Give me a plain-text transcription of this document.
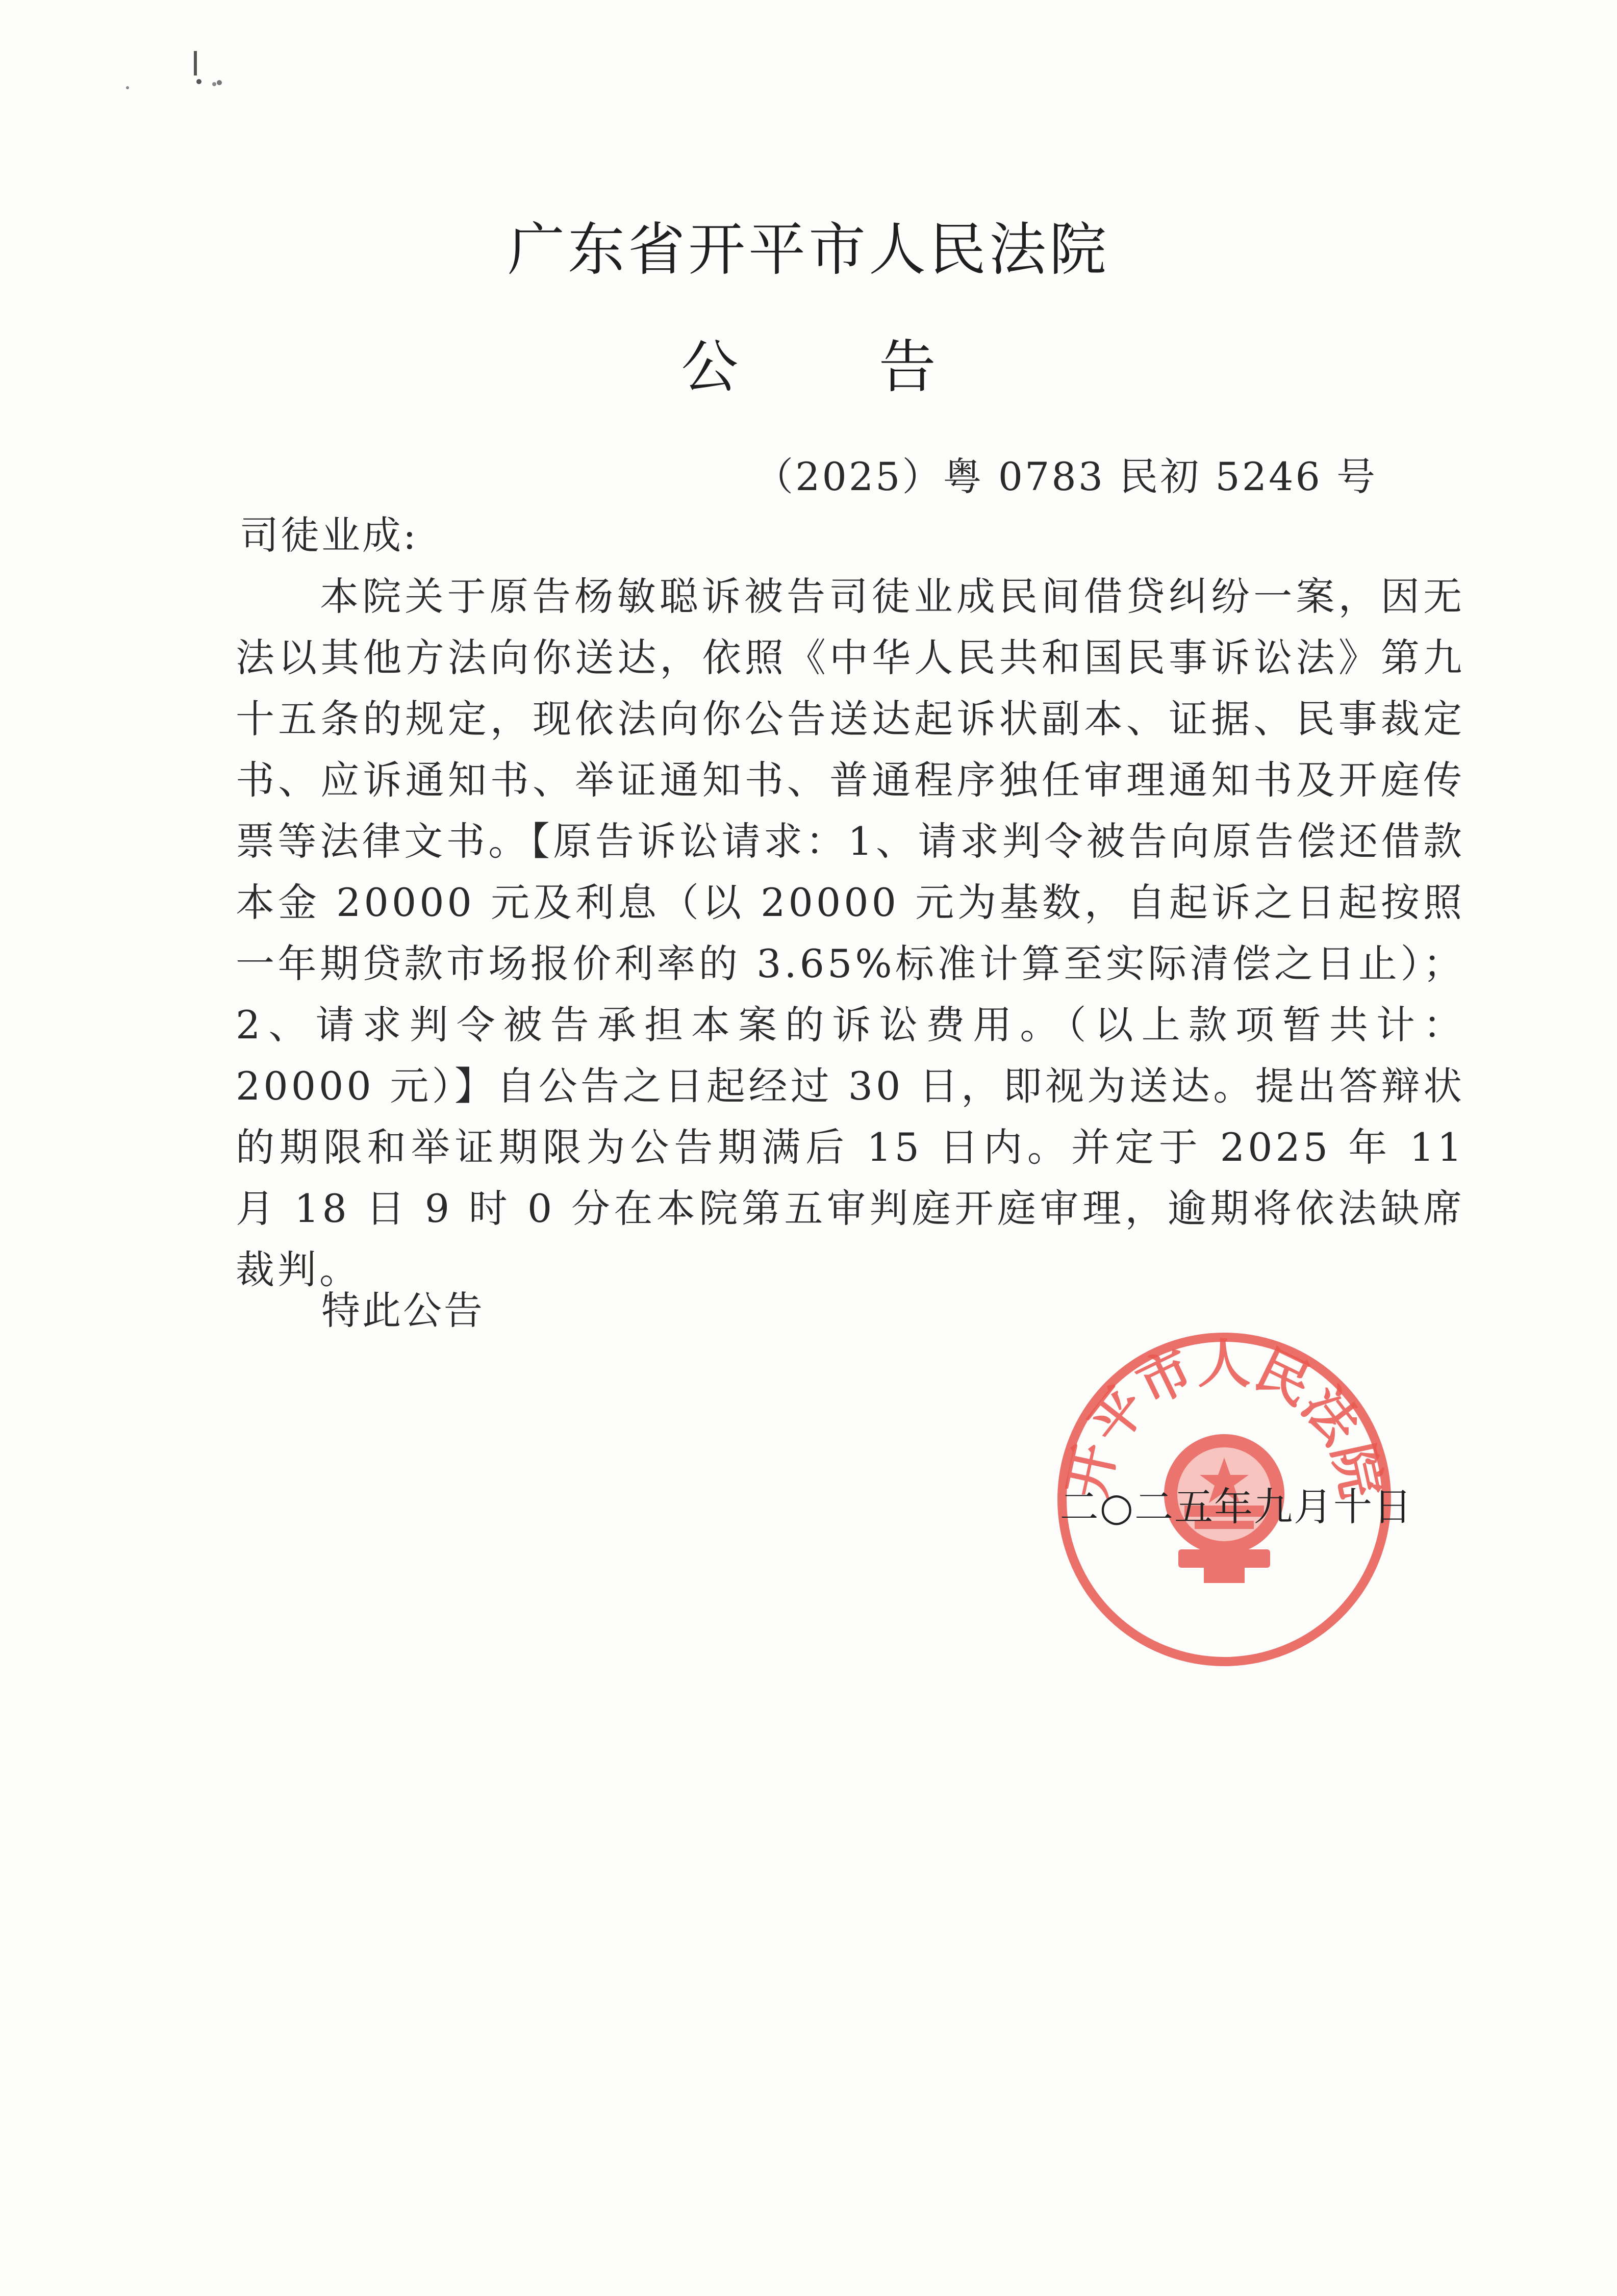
广东省开平市人民法院
公 告
（2025）粤 0783 民初 5246 号
司徒业成:

本院关于原告杨敏聪诉被告司徒业成民间借贷纠纷一案，因无法以其他方法向你送达，依照《中华人民共和国民事诉讼法》第九十五条的规定，现依法向你公告送达起诉状副本、证据、民事裁定书、应诉通知书、举证通知书、普通程序独任审理通知书及开庭传票等法律文书。【原告诉讼请求：1、请求判令被告向原告偿还借款本金 20000 元及利息（以 20000 元为基数，自起诉之日起按照一年期贷款市场报价利率的 3.65%标准计算至实际清偿之日止）；2、请求判令被告承担本案的诉讼费用。（以上款项暂共计：20000 元）】自公告之日起经过 30 日，即视为送达。提出答辩状的期限和举证期限为公告期满后 15 日内。并定于 2025 年 11 月 18 日 9 时 0 分在本院第五审判庭开庭审理，逾期将依法缺席裁判。

特此公告
开平市人民法院
二○二五年九月十日
